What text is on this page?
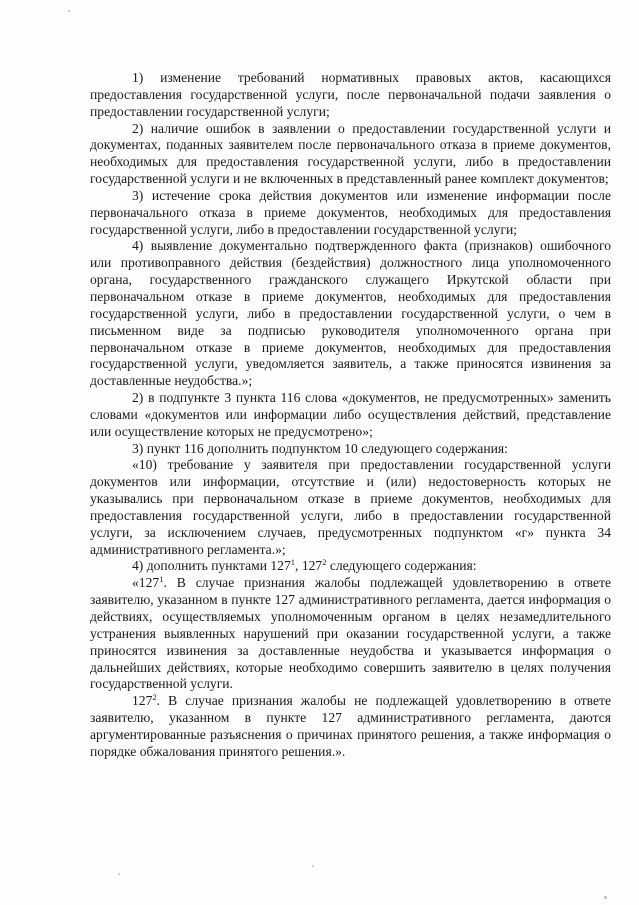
1) изменение требований нормативных правовых актов, касающихся предоставления государственной услуги, после первоначальной подачи заявления о предоставлении государственной услуги;

2) наличие ошибок в заявлении о предоставлении государственной услуги и документах, поданных заявителем после первоначального отказа в приеме документов, необходимых для предоставления государственной услуги, либо в предоставлении государственной услуги и не включенных в представленный ранее комплект документов;

3) истечение срока действия документов или изменение информации после первоначального отказа в приеме документов, необходимых для предоставления государственной услуги, либо в предоставлении государственной услуги;

4) выявление документально подтвержденного факта (признаков) ошибочного или противоправного действия (бездействия) должностного лица уполномоченного органа, государственного гражданского служащего Иркутской области при первоначальном отказе в приеме документов, необходимых для предоставления государственной услуги, либо в предоставлении государственной услуги, о чем в письменном виде за подписью руководителя уполномоченного органа при первоначальном отказе в приеме документов, необходимых для предоставления государственной услуги, уведомляется заявитель, а также приносятся извинения за доставленные неудобства.»;

2) в подпункте 3 пункта 116 слова «документов, не предусмотренных» заменить словами «документов или информации либо осуществления действий, представление или осуществление которых не предусмотрено»;

3) пункт 116 дополнить подпунктом 10 следующего содержания:

«10) требование у заявителя при предоставлении государственной услуги документов или информации, отсутствие и (или) недостоверность которых не указывались при первоначальном отказе в приеме документов, необходимых для предоставления государственной услуги, либо в предоставлении государственной услуги, за исключением случаев, предусмотренных подпунктом «г» пункта 34 административного регламента.»;

4) дополнить пунктами $127^1$, $127^2$ следующего содержания:

«$127^1$. В случае признания жалобы подлежащей удовлетворению в ответе заявителю, указанном в пункте 127 административного регламента, дается информация о действиях, осуществляемых уполномоченным органом в целях незамедлительного устранения выявленных нарушений при оказании государственной услуги, а также приносятся извинения за доставленные неудобства и указывается информация о дальнейших действиях, которые необходимо совершить заявителю в целях получения государственной услуги.

$127^2$. В случае признания жалобы не подлежащей удовлетворению в ответе заявителю, указанном в пункте 127 административного регламента, даются аргументированные разъяснения о причинах принятого решения, а также информация о порядке обжалования принятого решения.».
